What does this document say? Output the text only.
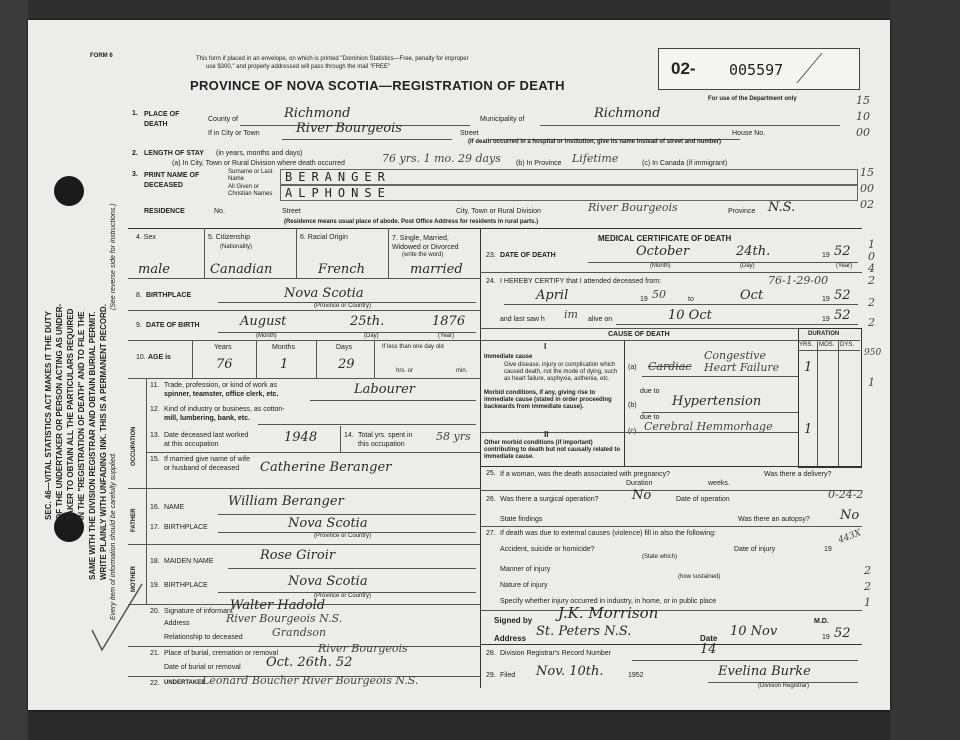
SEC. 46—VITAL STATISTICS ACT MAKES IT THE DUTY OF THE UNDERTAKER OR PERSON ACTING AS UNDER- TAKER TO OBTAIN ALL THE PARTICULARS REQUIRED IN THE "REGISTRATION OF DEATH" AND TO FILE THE SAME WITH THE DIVISION REGISTRAR AND OBTAIN BURIAL PERMIT. WRITE PLAINLY WITH UNFADING INK. THIS IS A PERMANENT RECORD.
(See reverse side for instructions.)
Every item of information should be carefully supplied.
FORM 6	This form if placed in an envelope, on which is printed "Dominion Statistics—Free, penalty for improper
use $300," and properly addressed will pass through the mail "FREE"
PROVINCE OF NOVA SCOTIA—REGISTRATION OF DEATH
02- 005597
For use of the Department only	15
10
00
15
00
02
1
0
4
2
2
2
1
950
2
2
1
443X
1. PLACE OF DEATH
County of	Richmond	Municipality of	Richmond
If in City or Town	River Bourgeois	Street	House No.
(If death occurred in a hospital or institution, give its name instead of street and number)
2. LENGTH OF STAY (in years, months and days)
(a) In City, Town or Rural Division where death occurred	76 yrs. 1 mo. 29 days (b) In Province Lifetime	(c) In Canada (if immigrant)
3. PRINT NAME OF DECEASED
Surname or Last Name	BERANGER
All Given or Christian Names	ALPHONSE
RESIDENCE	No.	Street	City, Town or Rural Division	River Bourgeois	Province N.S.
(Residence means usual place of abode. Post Office Address for residents in rural parts.)
4. Sex	5. Citizenship
(Nationality)
6. Racial Origin	7. Single, Married, Widowed or Divorced
(write the word)
male	Canadian	French	married
8. BIRTHPLACE	Nova Scotia
(Province or Country)
9. DATE OF BIRTH	August	25th.	1876
(Month)	(Day)	(Year)
10. AGE is
Years	Months	Days
76	1	29
If less than one day old
hrs. or	min.
OCCUPATION
11. Trade, profession, or kind of work as
spinner, teamster, office clerk, etc.	Labourer
12. Kind of industry or business, as cotton-
mill, lumbering, bank, etc.
13. Date deceased last worked
at this occupation	1948	14. Total yrs. spent in
this occupation
58 yrs
15. If married give name of wife
or husband of deceased Catherine Beranger
FATHER
16. NAME	William Beranger
17. BIRTHPLACE	Nova Scotia
(Province or Country)
MOTHER
18. MAIDEN NAME	Rose Giroir
19. BIRTHPLACE	Nova Scotia
(Province or Country)
20. Signature of informant
Walter Hadold
Address	River Bourgeois N.S.
Relationship to deceased	Grandson
21. Place of burial, cremation or removal	River Bourgeois
Date of burial or removal Oct. 26th. 52
22. UNDERTAKER
Leonard Boucher River Bourgeois N.S.
MEDICAL CERTIFICATE OF DEATH
23. DATE OF DEATH	October	24th.	19 52
(Month)	(Day)	(Year)
24. I HEREBY CERTIFY that I attended deceased from:	76-1-29-00
April	19 50	to	Oct	19 52
and last saw h im alive on	10 Oct	19 52
CAUSE OF DEATH	DURATION
YRS. MOS. DYS.
I
Immediate cause
Give disease, injury or complication which caused death, not the mode of dying, such as heart failure, asphyxia, asthenia, etc.
(a) Cardiac
Congestive Heart Failure	1
Morbid conditions, if any, giving rise to immediate cause (stated in order proceeding backwards from immediate cause).
due to
(b)	Hypertension
due to
(c) Cerebral Hemmorhage 1
II
Other morbid conditions (if important) contributing to death but not causally related to immediate cause.
25. If a woman, was the death associated with pregnancy?
Duration	weeks.
Was there a delivery?
26. Was there a surgical operation?	No	Date of operation	0-24-2
State findings	Was there an autopsy? No
27. If death was due to external causes (violence) fill in also the following:
Accident, suicide or homicide?
(State which)
Date of injury	19
Manner of injury
(how sustained)
Nature of injury
Specify whether injury occurred in industry, in home, or in public place
Signed by J.K. Morrison	M.D.
Address St. Peters N.S.	Date 10 Nov	19 52
28. Division Registrar's Record Number	14
29. Filed Nov. 10th.	1952	Evelina Burke
(Division Registrar)
